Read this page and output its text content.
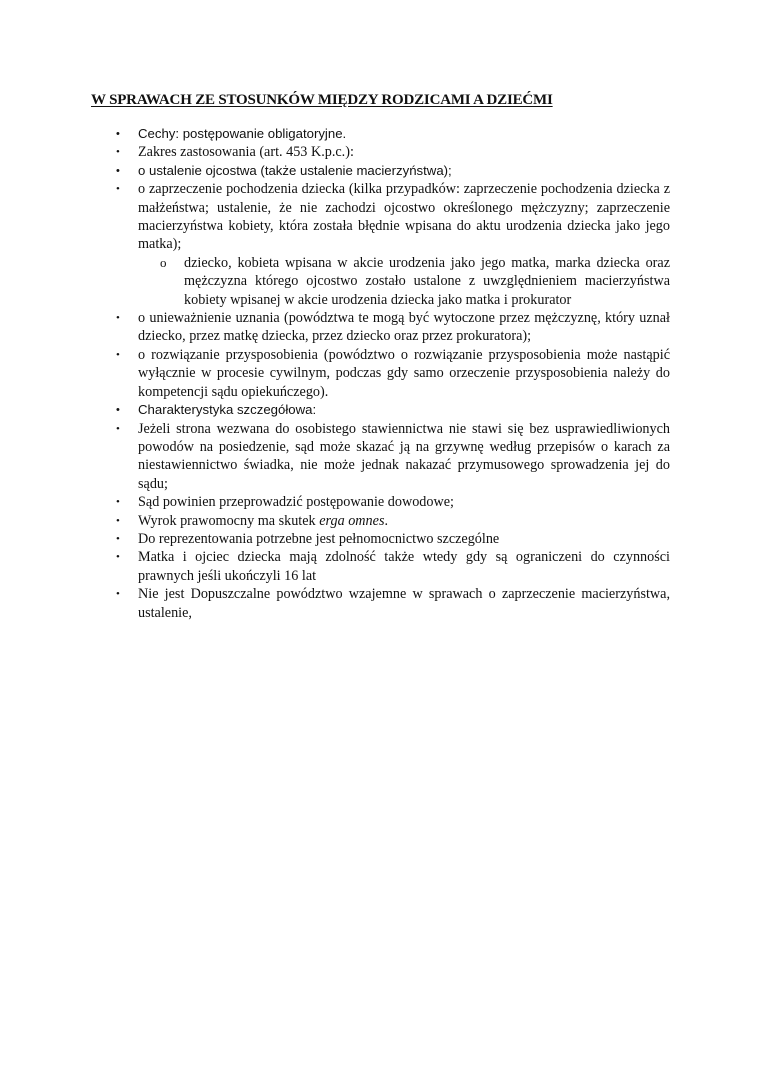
W SPRAWACH ZE STOSUNKÓW MIĘDZY RODZICAMI A DZIEĆMI
• Cechy: postępowanie obligatoryjne.
• Zakres zastosowania (art. 453 K.p.c.):
• o ustalenie ojcostwa (także ustalenie macierzyństwa);
• o zaprzeczenie pochodzenia dziecka (kilka przypadków: zaprzeczenie pochodzenia dziecka z małżeństwa; ustalenie, że nie zachodzi ojcostwo określonego mężczyzny; zaprzeczenie macierzyństwa kobiety, która została błędnie wpisana do aktu urodzenia dziecka jako jego matka);
o dziecko, kobieta wpisana w akcie urodzenia jako jego matka, marka dziecka oraz mężczyzna którego ojcostwo zostało ustalone z uwzględnieniem macierzyństwa kobiety wpisanej w akcie urodzenia dziecka jako matka i prokurator
• o unieważnienie uznania (powództwa te mogą być wytoczone przez mężczyznę, który uznał dziecko, przez matkę dziecka, przez dziecko oraz przez prokuratora);
• o rozwiązanie przysposobienia (powództwo o rozwiązanie przysposobienia może nastąpić wyłącznie w procesie cywilnym, podczas gdy samo orzeczenie przysposobienia należy do kompetencji sądu opiekuńczego).
• Charakterystyka szczegółowa:
• Jeżeli strona wezwana do osobistego stawiennictwa nie stawi się bez usprawiedliwionych powodów na posiedzenie, sąd może skazać ją na grzywnę według przepisów o karach za niestawiennictwo świadka, nie może jednak nakazać przymusowego sprowadzenia jej do sądu;
• Sąd powinien przeprowadzić postępowanie dowodowe;
• Wyrok prawomocny ma skutek erga omnes.
• Do reprezentowania potrzebne jest pełnomocnictwo szczególne
• Matka i ojciec dziecka mają zdolność także wtedy gdy są ograniczeni do czynności prawnych jeśli ukończyli 16 lat
• Nie jest Dopuszczalne powództwo wzajemne w sprawach o zaprzeczenie macierzyństwa, ustalenie,
